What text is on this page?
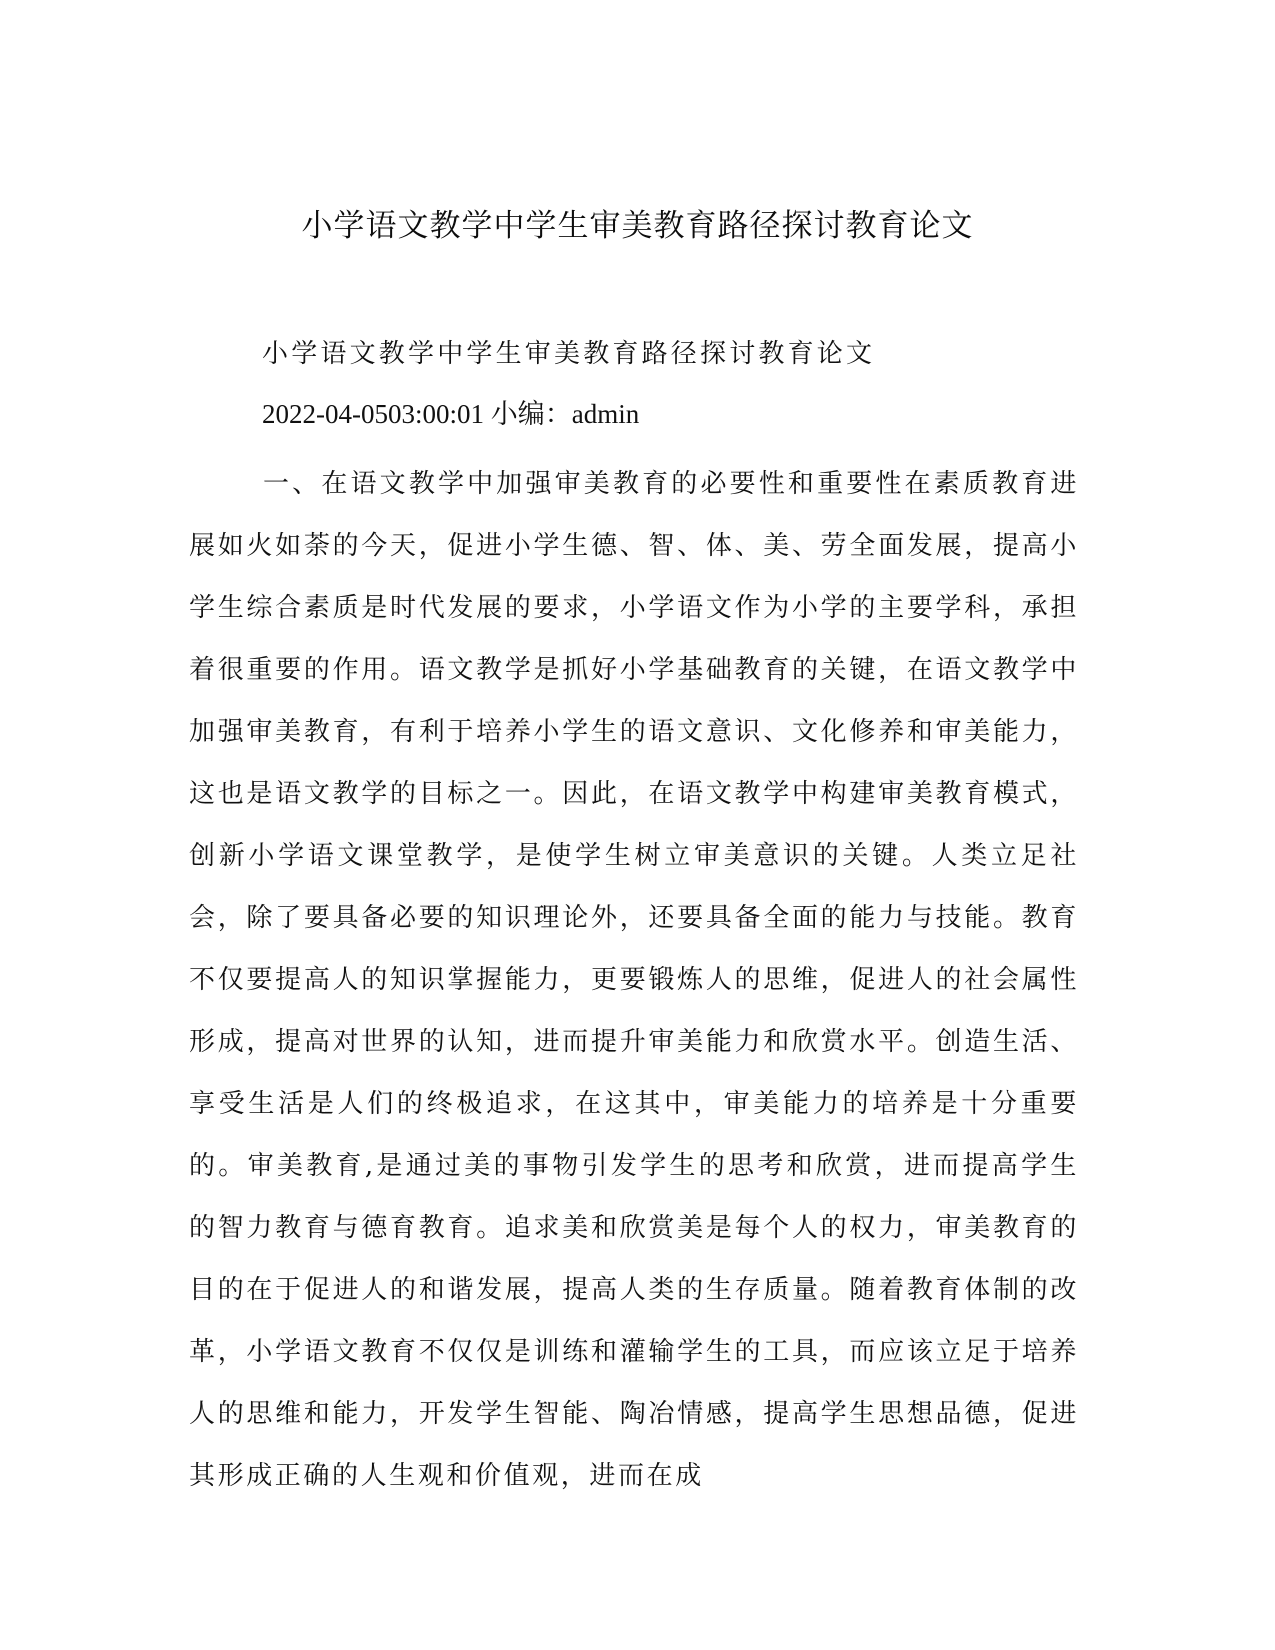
小学语文教学中学生审美教育路径探讨教育论文
小学语文教学中学生审美教育路径探讨教育论文
2022-04-0503:00:01 小编：admin

一、在语文教学中加强审美教育的必要性和重要性在素质教育进展如火如荼的今天，促进小学生德、智、体、美、劳全面发展，提高小学生综合素质是时代发展的要求，小学语文作为小学的主要学科，承担着很重要的作用。语文教学是抓好小学基础教育的关键，在语文教学中加强审美教育，有利于培养小学生的语文意识、文化修养和审美能力，这也是语文教学的目标之一。因此，在语文教学中构建审美教育模式，创新小学语文课堂教学，是使学生树立审美意识的关键。人类立足社会，除了要具备必要的知识理论外，还要具备全面的能力与技能。教育不仅要提高人的知识掌握能力，更要锻炼人的思维，促进人的社会属性形成，提高对世界的认知，进而提升审美能力和欣赏水平。创造生活、享受生活是人们的终极追求，在这其中，审美能力的培养是十分重要的。审美教育,是通过美的事物引发学生的思考和欣赏，进而提高学生的智力教育与德育教育。追求美和欣赏美是每个人的权力，审美教育的目的在于促进人的和谐发展，提高人类的生存质量。随着教育体制的改革，小学语文教育不仅仅是训练和灌输学生的工具，而应该立足于培养人的思维和能力，开发学生智能、陶冶情感，提高学生思想品德，促进其形成正确的人生观和价值观，进而在成
